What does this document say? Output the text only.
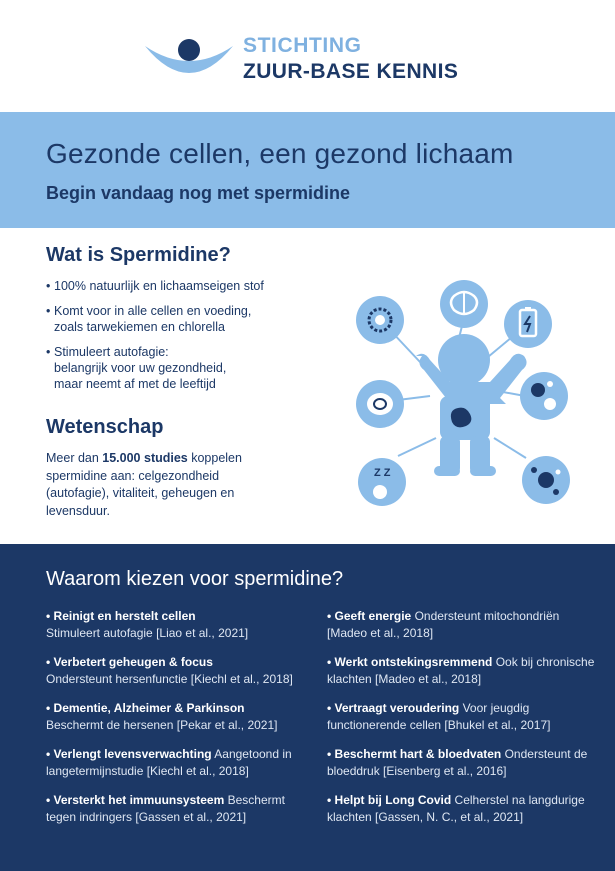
STICHTING
ZUUR-BASE KENNIS
Gezonde cellen, een gezond lichaam
Begin vandaag nog met spermidine
Wat is Spermidine?
• 100% natuurlijk en lichaamseigen stof
• Komt voor in alle cellen en voeding,
zoals tarwekiemen en chlorella
• Stimuleert autofagie:
belangrijk voor uw gezondheid,
maar neemt af met de leeftijd
Wetenschap
Meer dan 15.000 studies koppelen spermidine aan: celgezondheid (autofagie), vitaliteit, geheugen en levensduur.
Z Z
Waarom kiezen voor spermidine?
• Reinigt en herstelt cellen
Stimuleert autofagie [Liao et al., 2021]
• Verbetert geheugen & focus
Ondersteunt hersenfunctie [Kiechl et al., 2018]
• Dementie, Alzheimer & Parkinson
Beschermt de hersenen [Pekar et al., 2021]
• Verlengt levensverwachting Aangetoond in langetermijnstudie [Kiechl et al., 2018]
• Versterkt het immuunsysteem Beschermt tegen indringers [Gassen et al., 2021]
• Geeft energie Ondersteunt mitochondriën [Madeo et al., 2018]
• Werkt ontstekingsremmend Ook bij chronische klachten [Madeo et al., 2018]
• Vertraagt veroudering Voor jeugdig functionerende cellen [Bhukel et al., 2017]
• Beschermt hart & bloedvaten Ondersteunt de bloeddruk [Eisenberg et al., 2016]
• Helpt bij Long Covid Celherstel na langdurige klachten [Gassen, N. C., et al., 2021]
